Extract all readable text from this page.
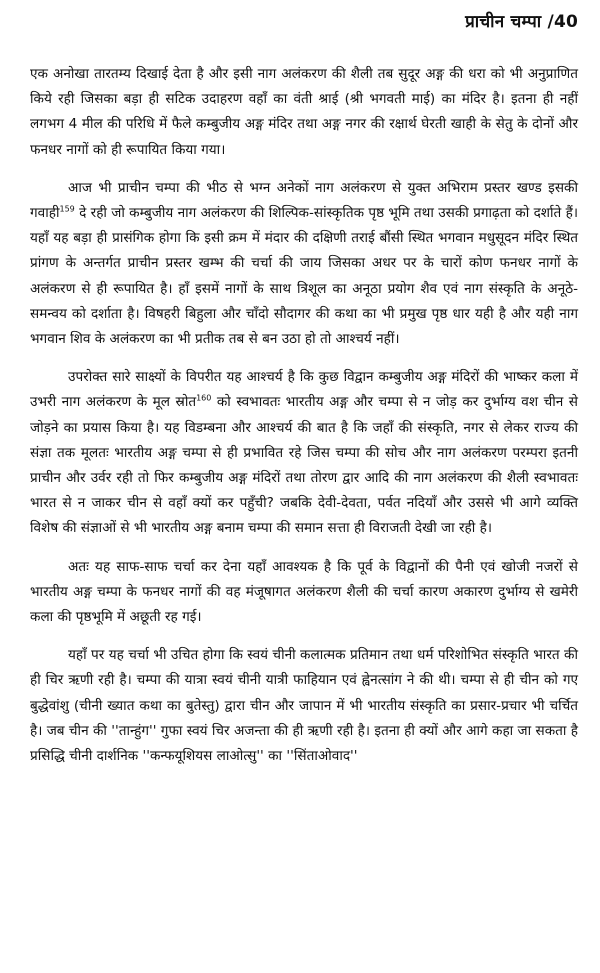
प्राचीन चम्पा /40

एक अनोखा तारतम्य दिखाई देता है और इसी नाग अलंकरण की शैली तब सुदूर अङ्ग की धरा को भी अनुप्राणित किये रही जिसका बड़ा ही सटिक उदाहरण वहाँ का वंती श्राई (श्री भगवती माई) का मंदिर है। इतना ही नहीं लगभग 4 मील की परिधि में फैले कम्बुजीय अङ्ग मंदिर तथा अङ्ग नगर की रक्षार्थ घेरती खाही के सेतु के दोनों और फनधर नागों को ही रूपायित किया गया।

आज भी प्राचीन चम्पा की भीठ से भग्न अनेकों नाग अलंकरण से युक्त अभिराम प्रस्तर खण्ड इसकी गवाही$^{159}$ दे रही जो कम्बुजीय नाग अलंकरण की शिल्पिक-सांस्कृतिक पृष्ठ भूमि तथा उसकी प्रगाढ़ता को दर्शाते हैं। यहाँ यह बड़ा ही प्रासंगिक होगा कि इसी क्रम में मंदार की दक्षिणी तराई बौंसी स्थित भगवान मधुसूदन मंदिर स्थित प्रांगण के अन्तर्गत प्राचीन प्रस्तर खम्भ की चर्चा की जाय जिसका अधर पर के चारों कोण फनधर नागों के अलंकरण से ही रूपायित है। हाँ इसमें नागों के साथ त्रिशूल का अनूठा प्रयोग शैव एवं नाग संस्कृति के अनूठे-समन्वय को दर्शाता है। विषहरी बिहुला और चाँदो सौदागर की कथा का भी प्रमुख पृष्ठ धार यही है और यही नाग भगवान शिव के अलंकरण का भी प्रतीक तब से बन उठा हो तो आश्चर्य नहीं।

उपरोक्त सारे साक्ष्यों के विपरीत यह आश्चर्य है कि कुछ विद्वान कम्बुजीय अङ्ग मंदिरों की भाष्कर कला में उभरी नाग अलंकरण के मूल स्रोत$^{160}$ को स्वभावतः भारतीय अङ्ग और चम्पा से न जोड़ कर दुर्भाग्य वश चीन से जोड़ने का प्रयास किया है। यह विडम्बना और आश्चर्य की बात है कि जहाँ की संस्कृति, नगर से लेकर राज्य की संज्ञा तक मूलतः भारतीय अङ्ग चम्पा से ही प्रभावित रहे जिस चम्पा की सोच और नाग अलंकरण परम्परा इतनी प्राचीन और उर्वर रही तो फिर कम्बुजीय अङ्ग मंदिरों तथा तोरण द्वार आदि की नाग अलंकरण की शैली स्वभावतः भारत से न जाकर चीन से वहाँ क्यों कर पहुँची? जबकि देवी-देवता, पर्वत नदियाँ और उससे भी आगे व्यक्ति विशेष की संज्ञाओं से भी भारतीय अङ्ग बनाम चम्पा की समान सत्ता ही विराजती देखी जा रही है।

अतः यह साफ-साफ चर्चा कर देना यहाँ आवश्यक है कि पूर्व के विद्वानों की पैनी एवं खोजी नजरों से भारतीय अङ्ग चम्पा के फनधर नागों की वह मंजूषागत अलंकरण शैली की चर्चा कारण अकारण दुर्भाग्य से खमेरी कला की पृष्ठभूमि में अछूती रह गई।

यहाँ पर यह चर्चा भी उचित होगा कि स्वयं चीनी कलात्मक प्रतिमान तथा धर्म परिशोभित संस्कृति भारत की ही चिर ऋणी रही है। चम्पा की यात्रा स्वयं चीनी यात्री फाहियान एवं ह्वेनत्सांग ने की थी। चम्पा से ही चीन को गए बुद्धेवांशु (चीनी ख्यात कथा का बुतेस्तु) द्वारा चीन और जापान में भी भारतीय संस्कृति का प्रसार-प्रचार भी चर्चित है। जब चीन की ''तान्हुंग'' गुफा स्वयं चिर अजन्ता की ही ऋणी रही है। इतना ही क्यों और आगे कहा जा सकता है प्रसिद्धि चीनी दार्शनिक ''कन्फयूशियस लाओत्सु'' का ''सिंताओवाद''
